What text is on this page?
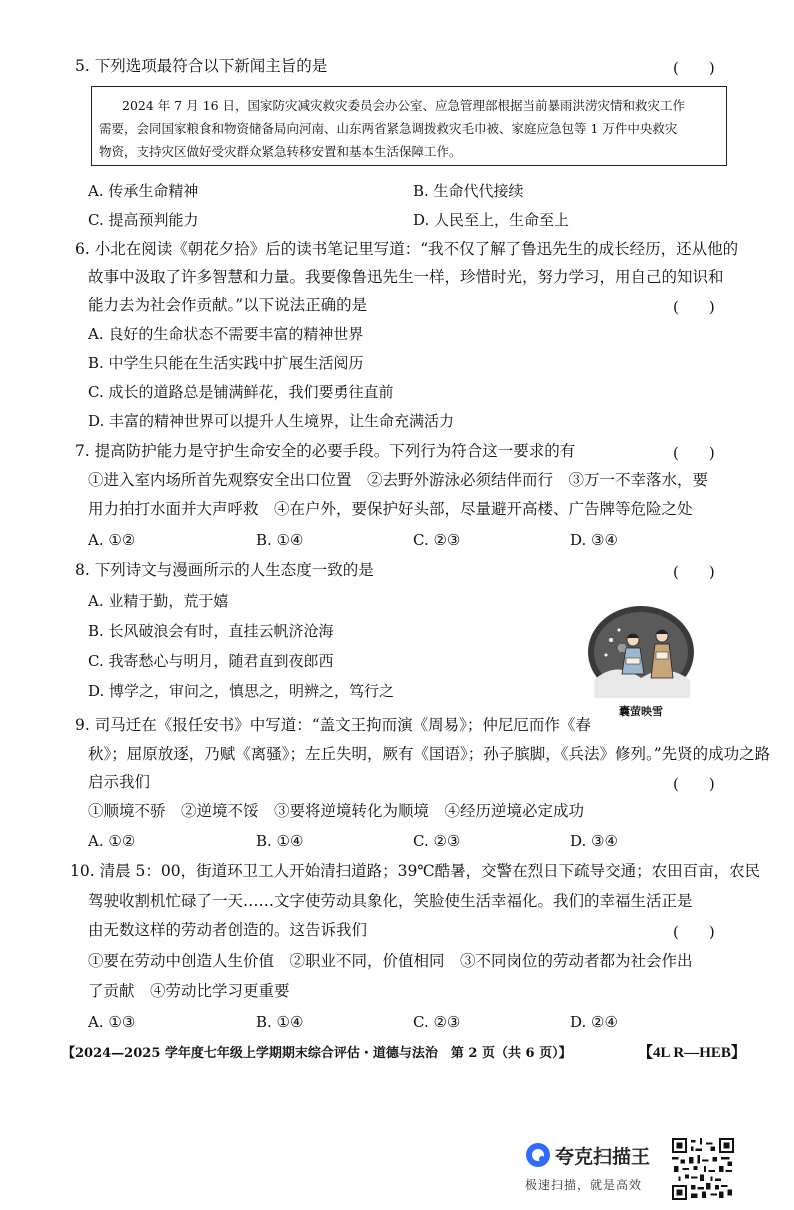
5. 下列选项最符合以下新闻主旨的是	(　　)
2024 年 7 月 16 日，国家防灾减灾救灾委员会办公室、应急管理部根据当前暴雨洪涝灾情和救灾工作
需要，会同国家粮食和物资储备局向河南、山东两省紧急调拨救灾毛巾被、家庭应急包等 1 万件中央救灾
物资，支持灾区做好受灾群众紧急转移安置和基本生活保障工作。
A. 传承生命精神	B. 生命代代接续
C. 提高预判能力	D. 人民至上，生命至上
6. 小北在阅读《朝花夕拾》后的读书笔记里写道：“我不仅了解了鲁迅先生的成长经历，还从他的
故事中汲取了许多智慧和力量。我要像鲁迅先生一样，珍惜时光，努力学习，用自己的知识和
能力去为社会作贡献。”以下说法正确的是	(　　)
A. 良好的生命状态不需要丰富的精神世界
B. 中学生只能在生活实践中扩展生活阅历
C. 成长的道路总是铺满鲜花，我们要勇往直前
D. 丰富的精神世界可以提升人生境界，让生命充满活力
7. 提高防护能力是守护生命安全的必要手段。下列行为符合这一要求的有	(　　)
①进入室内场所首先观察安全出口位置　②去野外游泳必须结伴而行　③万一不幸落水，要
用力拍打水面并大声呼救　④在户外，要保护好头部，尽量避开高楼、广告牌等危险之处
A. ①②	B. ①④	C. ②③	D. ③④
8. 下列诗文与漫画所示的人生态度一致的是	(　　)
A. 业精于勤，荒于嬉
B. 长风破浪会有时，直挂云帆济沧海
C. 我寄愁心与明月，随君直到夜郎西
D. 博学之，审问之，慎思之，明辨之，笃行之
囊萤映雪
9. 司马迁在《报任安书》中写道：“盖文王拘而演《周易》；仲尼厄而作《春
秋》；屈原放逐，乃赋《离骚》；左丘失明，厥有《国语》；孙子膑脚，《兵法》修列。”先贤的成功之路
启示我们	(　　)
①顺境不骄　②逆境不馁　③要将逆境转化为顺境　④经历逆境必定成功
A. ①②	B. ①④	C. ②③	D. ③④
10. 清晨 5：00，街道环卫工人开始清扫道路；39℃酷暑，交警在烈日下疏导交通；农田百亩，农民
驾驶收割机忙碌了一天……文字使劳动具象化，笑脸使生活幸福化。我们的幸福生活正是
由无数这样的劳动者创造的。这告诉我们	(　　)
①要在劳动中创造人生价值　②职业不同，价值相同　③不同岗位的劳动者都为社会作出
了贡献　④劳动比学习更重要
A. ①③	B. ①④	C. ②③	D. ②④
【2024—2025 学年度七年级上学期期末综合评估・道德与法治　第 2 页（共 6 页）】	【4L R—HEB】
夸克扫描王
极速扫描，就是高效
